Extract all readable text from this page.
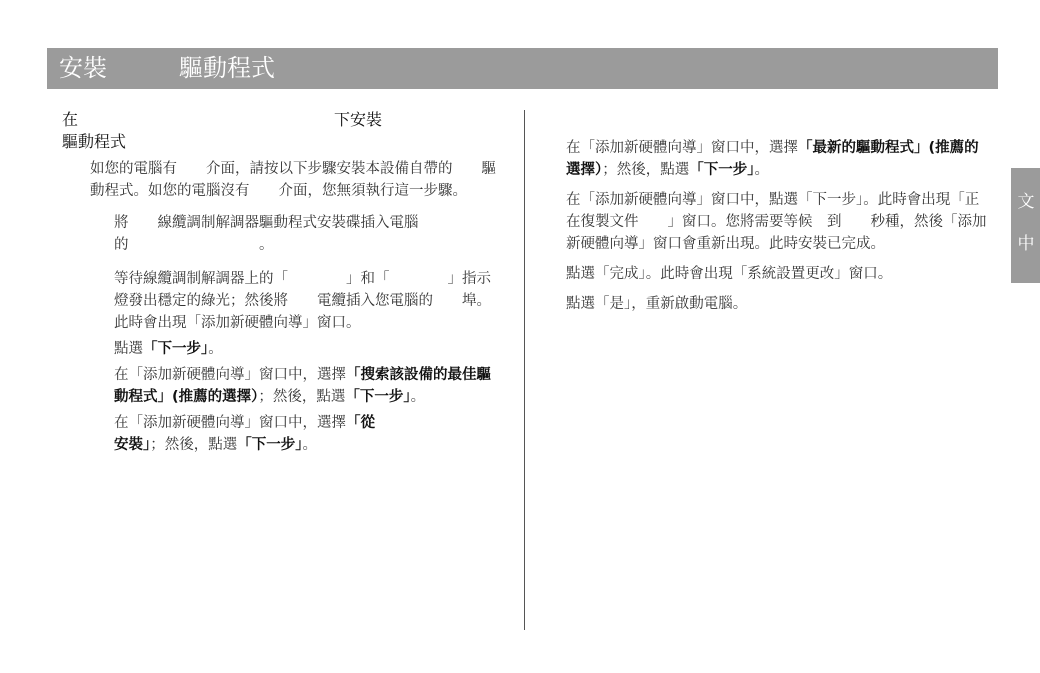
安裝	驅動程式
在	下安裝
驅動程式

如您的電腦有　　介面，請按以下步驟安裝本設備自帶的　　驅動程式。如您的電腦沒有　　介面，您無須執行這一步驟。

將　　線纜調制解調器驅動程式安裝碟插入電腦的　　　　　　　　　。

等待線纜調制解調器上的「　　　　」和「　　　　」指示燈發出穩定的綠光；然後將　　電纜插入您電腦的　　埠。此時會出現「添加新硬體向導」窗口。

點選「下一步」。

在「添加新硬體向導」窗口中，選擇「搜索該設備的最佳驅動程式」(推薦的選擇）；然後，點選「下一步」。

在「添加新硬體向導」窗口中，選擇「從　　　　　　　　安裝」；然後，點選「下一步」。

在「添加新硬體向導」窗口中，選擇「最新的驅動程式」(推薦的選擇）；然後，點選「下一步」。

在「添加新硬體向導」窗口中，點選「下一步」。此時會出現「正在復製文件　　」窗口。您將需要等候　到　　秒種，然後「添加新硬體向導」窗口會重新出現。此時安裝已完成。

點選「完成」。此時會出現「系統設置更改」窗口。

點選「是」，重新啟動電腦。

文
中
